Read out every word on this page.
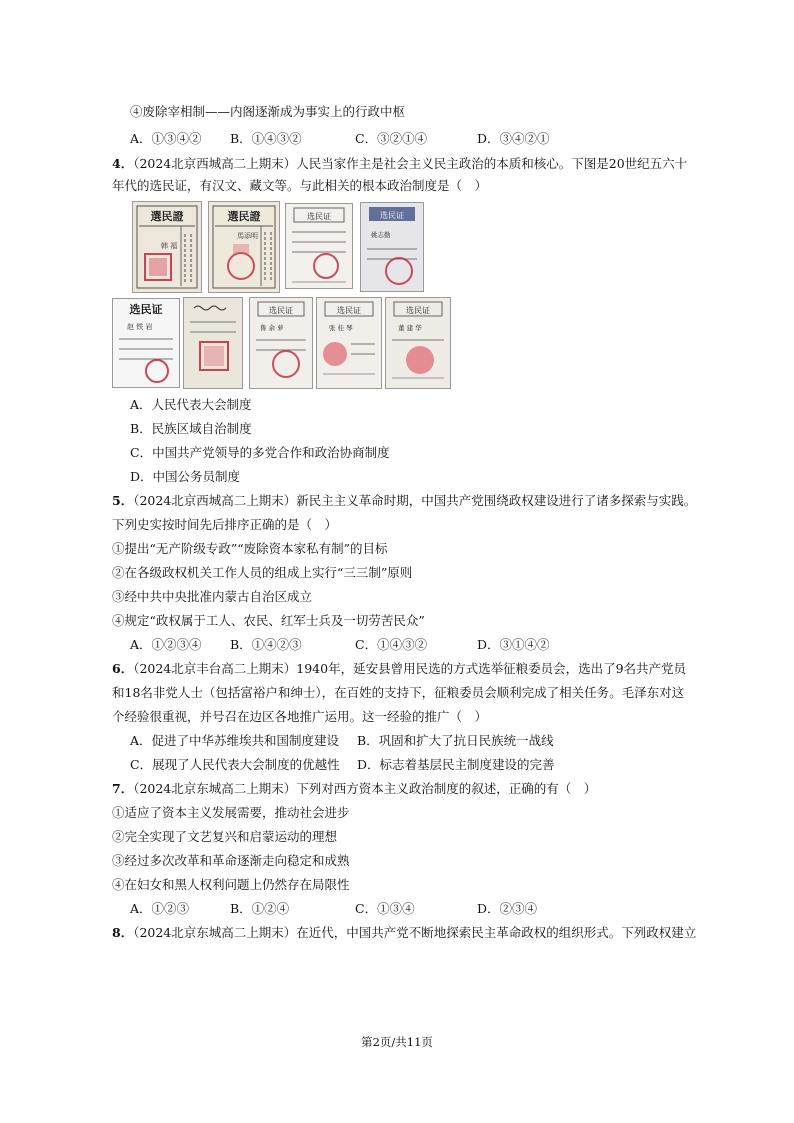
④废除宰相制——内阁逐渐成为事实上的行政中枢
A．①③④② B．①④③②	C．③②①④	D．③④②①
4．（2024北京西城高二上期末）人民当家作主是社会主义民主政治的本质和核心。下图是20世纪五六十
年代的选民证，有汉文、藏文等。与此相关的根本政治制度是（　）
選民證
韩 福
選民證
馬添明
选民证	选民证
姚志勤
选民证
赵 铁 岩
选民证
鲁 余 萝
选民证
张 桂 琴
选民证
董 建 华
A．人民代表大会制度
B．民族区域自治制度
C．中国共产党领导的多党合作和政治协商制度
D．中国公务员制度
5．（2024北京西城高二上期末）新民主主义革命时期，中国共产党围绕政权建设进行了诸多探索与实践。
下列史实按时间先后排序正确的是（　）
①提出“无产阶级专政”“废除资本家私有制”的目标
②在各级政权机关工作人员的组成上实行“三三制”原则
③经中共中央批准内蒙古自治区成立
④规定“政权属于工人、农民、红军士兵及一切劳苦民众”
A．①②③④ B．①④②③	C．①④③②	D．③①④②
6．（2024北京丰台高二上期末）1940年，延安县曾用民选的方式选举征粮委员会，选出了9名共产党员
和18名非党人士（包括富裕户和绅士），在百姓的支持下，征粮委员会顺利完成了相关任务。毛泽东对这
个经验很重视，并号召在边区各地推广运用。这一经验的推广（　）
A．促进了中华苏维埃共和国制度建设 B．巩固和扩大了抗日民族统一战线
C．展现了人民代表大会制度的优越性 D．标志着基层民主制度建设的完善
7．（2024北京东城高二上期末）下列对西方资本主义政治制度的叙述，正确的有（　）
①适应了资本主义发展需要，推动社会进步
②完全实现了文艺复兴和启蒙运动的理想
③经过多次改革和革命逐渐走向稳定和成熟
④在妇女和黑人权利问题上仍然存在局限性
A．①②③	B．①②④	C．①③④	D．②③④
8．（2024北京东城高二上期末）在近代，中国共产党不断地探索民主革命政权的组织形式。下列政权建立
第2页/共11页
